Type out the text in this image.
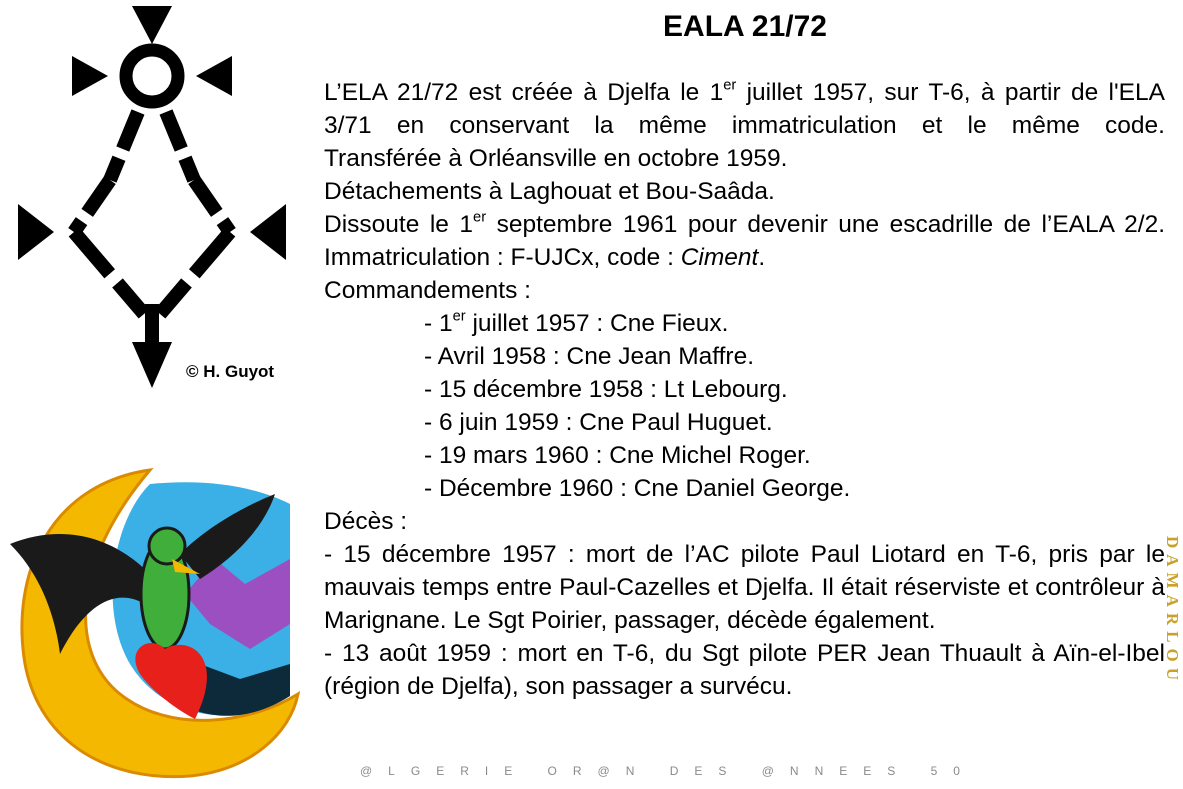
© H. Guyot
EALA 21/72

L’ELA 21/72 est créée à Djelfa le 1er juillet 1957, sur T-6, à partir de l'ELA 3/71 en conservant la même immatriculation et le même code.

Transférée à Orléansville en octobre 1959.

Détachements à Laghouat et Bou-Saâda.

Dissoute le 1er septembre 1961 pour devenir une escadrille de l’EALA 2/2.

Immatriculation : F-UJCx, code : Ciment.

Commandements :

- 1er juillet 1957 : Cne Fieux.

- Avril 1958 : Cne Jean Maffre.

- 15 décembre 1958 : Lt Lebourg.

- 6 juin 1959 : Cne Paul Huguet.

- 19 mars 1960 : Cne Michel Roger.

- Décembre 1960 : Cne Daniel George.

Décès :

- 15 décembre 1957 : mort de l’AC pilote Paul Liotard en T-6, pris par le mauvais temps entre Paul-Cazelles et Djelfa. Il était réserviste et contrôleur à Marignane. Le Sgt Poirier, passager, décède également.

- 13 août 1959 : mort en T-6, du Sgt pilote PER Jean Thuault à Aïn-el-Ibel (région de Djelfa), son passager a survécu.

@LGERIE OR@N DES @NNEES 50
DAMARLOU
